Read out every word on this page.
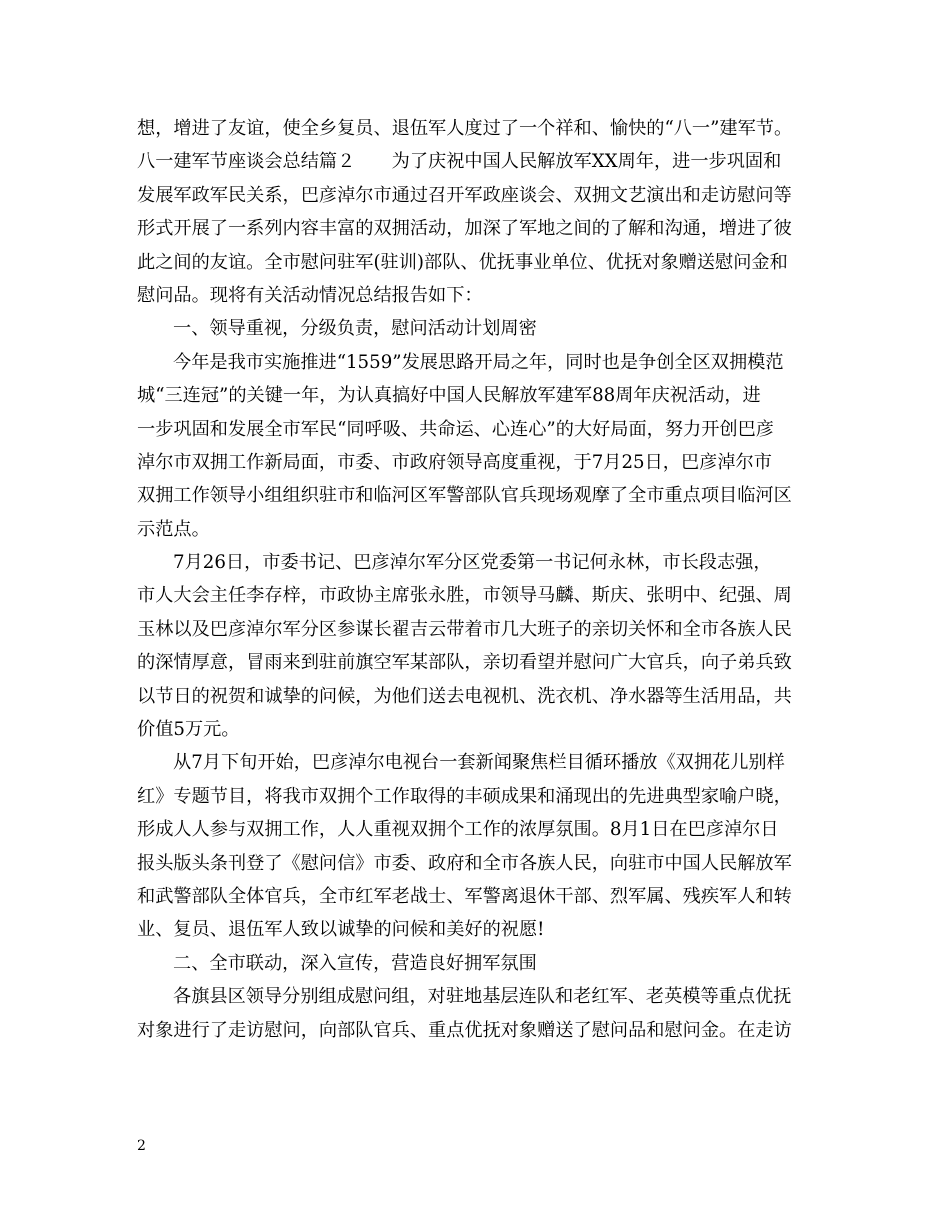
想，增进了友谊，使全乡复员、退伍军人度过了一个祥和、愉快的“八一”建军节。
八一建军节座谈会总结篇２　　为了庆祝中国人民解放军XX周年，进一步巩固和
发展军政军民关系，巴彦淖尔市通过召开军政座谈会、双拥文艺演出和走访慰问等
形式开展了一系列内容丰富的双拥活动，加深了军地之间的了解和沟通，增进了彼
此之间的友谊。全市慰问驻军(驻训)部队、优抚事业单位、优抚对象赠送慰问金和
慰问品。现将有关活动情况总结报告如下：
一、领导重视，分级负责，慰问活动计划周密
今年是我市实施推进“1559”发展思路开局之年，同时也是争创全区双拥模范
城“三连冠”的关键一年，为认真搞好中国人民解放军建军88周年庆祝活动，进
一步巩固和发展全市军民“同呼吸、共命运、心连心”的大好局面，努力开创巴彦
淖尔市双拥工作新局面，市委、市政府领导高度重视，于7月25日，巴彦淖尔市
双拥工作领导小组组织驻市和临河区军警部队官兵现场观摩了全市重点项目临河区
示范点。
7月26日，市委书记、巴彦淖尔军分区党委第一书记何永林，市长段志强，
市人大会主任李存梓，市政协主席张永胜，市领导马麟、斯庆、张明中、纪强、周
玉林以及巴彦淖尔军分区参谋长翟吉云带着市几大班子的亲切关怀和全市各族人民
的深情厚意，冒雨来到驻前旗空军某部队，亲切看望并慰问广大官兵，向子弟兵致
以节日的祝贺和诚挚的问候，为他们送去电视机、洗衣机、净水器等生活用品，共
价值5万元。
从7月下旬开始，巴彦淖尔电视台一套新闻聚焦栏目循环播放《双拥花儿别样
红》专题节目，将我市双拥个工作取得的丰硕成果和涌现出的先进典型家喻户晓，
形成人人参与双拥工作，人人重视双拥个工作的浓厚氛围。8月1日在巴彦淖尔日
报头版头条刊登了《慰问信》市委、政府和全市各族人民，向驻市中国人民解放军
和武警部队全体官兵，全市红军老战士、军警离退休干部、烈军属、残疾军人和转
业、复员、退伍军人致以诚挚的问候和美好的祝愿!
二、全市联动，深入宣传，营造良好拥军氛围
各旗县区领导分别组成慰问组，对驻地基层连队和老红军、老英模等重点优抚
对象进行了走访慰问，向部队官兵、重点优抚对象赠送了慰问品和慰问金。在走访
2
